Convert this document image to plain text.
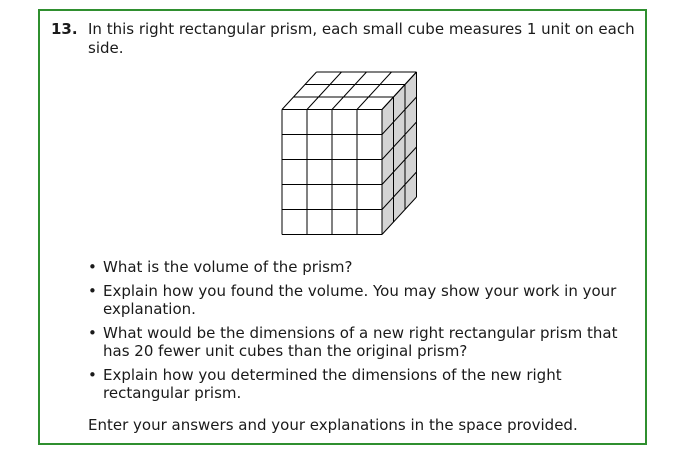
13. In this right rectangular prism, each small cube measures 1 unit on each side.
• What is the volume of the prism?
• Explain how you found the volume. You may show your work in your explanation.
• What would be the dimensions of a new right rectangular prism that has 20 fewer unit cubes than the original prism?
• Explain how you determined the dimensions of the new right rectangular prism.
Enter your answers and your explanations in the space provided.
